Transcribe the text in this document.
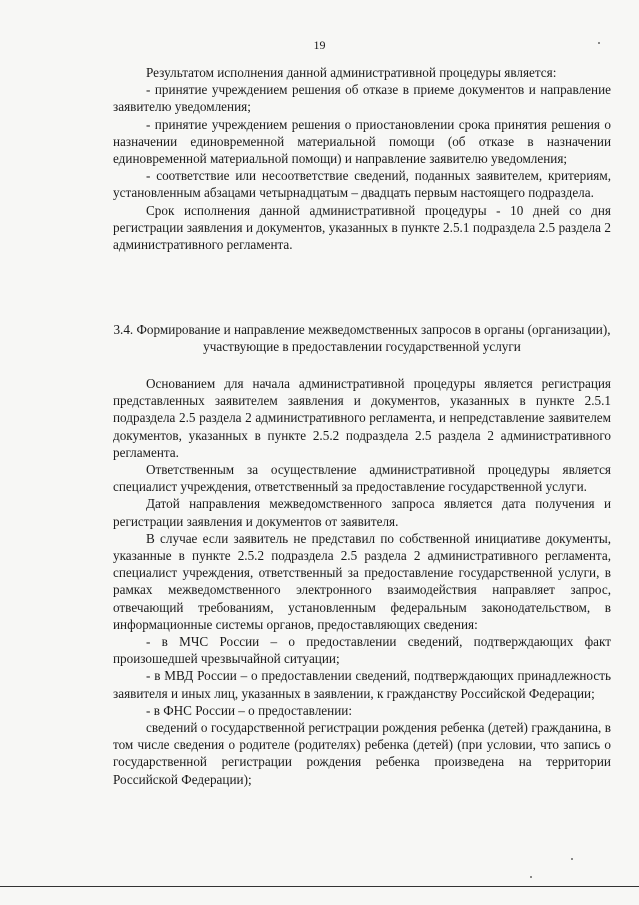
19

Результатом исполнения данной административной процедуры является:

- принятие учреждением решения об отказе в приеме документов и направление заявителю уведомления;

- принятие учреждением решения о приостановлении срока принятия решения о назначении единовременной материальной помощи (об отказе в назначении единовременной материальной помощи) и направление заявителю уведомления;

- соответствие или несоответствие сведений, поданных заявителем, критериям, установленным абзацами четырнадцатым – двадцать первым настоящего подраздела.

Срок исполнения данной административной процедуры - 10 дней со дня регистрации заявления и документов, указанных в пункте 2.5.1 подраздела 2.5 раздела 2 административного регламента.

3.4. Формирование и направление межведомственных запросов в органы (организации), участвующие в предоставлении государственной услуги

Основанием для начала административной процедуры является регистрация представленных заявителем заявления и документов, указанных в пункте 2.5.1 подраздела 2.5 раздела 2 административного регламента, и непредставление заявителем документов, указанных в пункте 2.5.2 подраздела 2.5 раздела 2 административного регламента.

Ответственным за осуществление административной процедуры является специалист учреждения, ответственный за предоставление государственной услуги.

Датой направления межведомственного запроса является дата получения и регистрации заявления и документов от заявителя.

В случае если заявитель не представил по собственной инициативе документы, указанные в пункте 2.5.2 подраздела 2.5 раздела 2 административного регламента, специалист учреждения, ответственный за предоставление государственной услуги, в рамках межведомственного электронного взаимодействия направляет запрос, отвечающий требованиям, установленным федеральным законодательством, в информационные системы органов, предоставляющих сведения:

- в МЧС России – о предоставлении сведений, подтверждающих факт произошедшей чрезвычайной ситуации;

- в МВД России – о предоставлении сведений, подтверждающих принадлежность заявителя и иных лиц, указанных в заявлении, к гражданству Российской Федерации;

- в ФНС России – о предоставлении:

сведений о государственной регистрации рождения ребенка (детей) гражданина, в том числе сведения о родителе (родителях) ребенка (детей) (при условии, что запись о государственной регистрации рождения ребенка произведена на территории Российской Федерации);
